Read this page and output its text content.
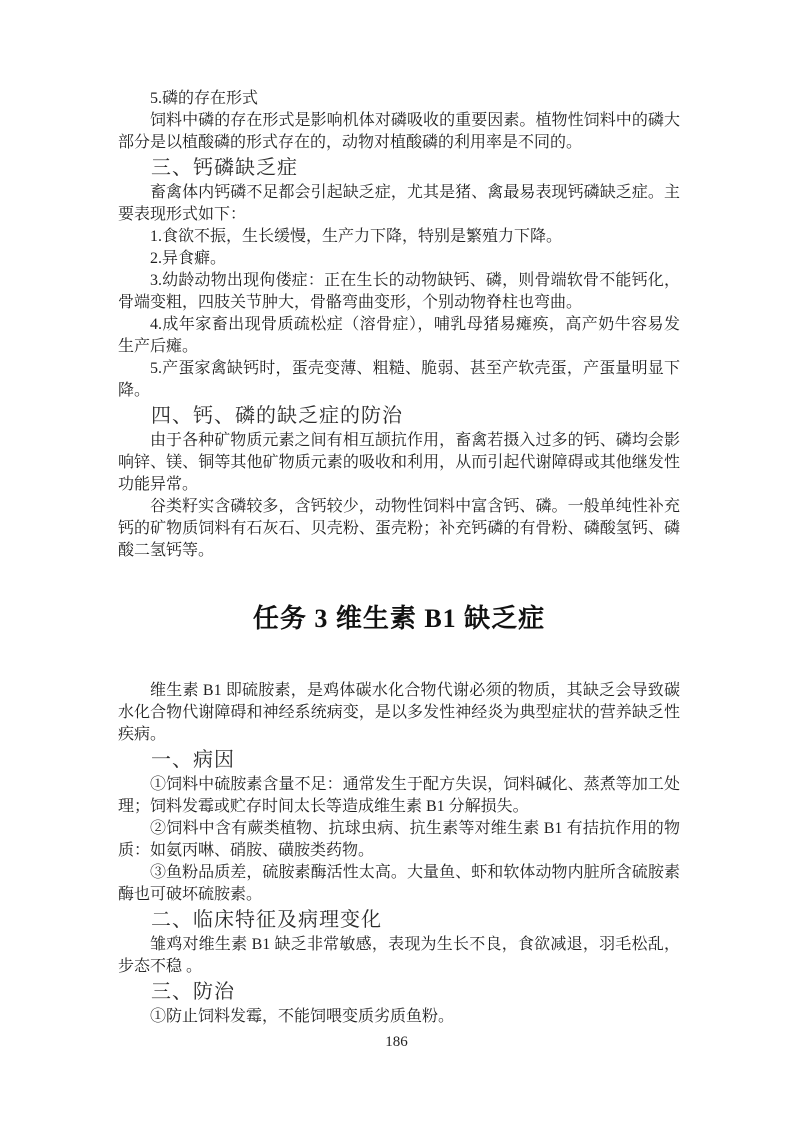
5.磷的存在形式

饲料中磷的存在形式是影响机体对磷吸收的重要因素。植物性饲料中的磷大部分是以植酸磷的形式存在的，动物对植酸磷的利用率是不同的。

三、钙磷缺乏症

畜禽体内钙磷不足都会引起缺乏症，尤其是猪、禽最易表现钙磷缺乏症。主要表现形式如下：

1.食欲不振，生长缓慢，生产力下降，特别是繁殖力下降。

2.异食癖。

3.幼龄动物出现佝偻症：正在生长的动物缺钙、磷，则骨端软骨不能钙化，骨端变粗，四肢关节肿大，骨骼弯曲变形，个别动物脊柱也弯曲。

4.成年家畜出现骨质疏松症（溶骨症），哺乳母猪易瘫痪，高产奶牛容易发生产后瘫。

5.产蛋家禽缺钙时，蛋壳变薄、粗糙、脆弱、甚至产软壳蛋，产蛋量明显下降。

四、钙、磷的缺乏症的防治

由于各种矿物质元素之间有相互颉抗作用，畜禽若摄入过多的钙、磷均会影响锌、镁、铜等其他矿物质元素的吸收和利用，从而引起代谢障碍或其他继发性功能异常。

谷类籽实含磷较多，含钙较少，动物性饲料中富含钙、磷。一般单纯性补充钙的矿物质饲料有石灰石、贝壳粉、蛋壳粉；补充钙磷的有骨粉、磷酸氢钙、磷酸二氢钙等。

任务 3 维生素 B1 缺乏症

维生素 B1 即硫胺素，是鸡体碳水化合物代谢必须的物质，其缺乏会导致碳水化合物代谢障碍和神经系统病变，是以多发性神经炎为典型症状的营养缺乏性疾病。

一、病因

①饲料中硫胺素含量不足：通常发生于配方失误，饲料碱化、蒸煮等加工处理；饲料发霉或贮存时间太长等造成维生素 B1 分解损失。

②饲料中含有蕨类植物、抗球虫病、抗生素等对维生素 B1 有拮抗作用的物质：如氨丙啉、硝胺、磺胺类药物。

③鱼粉品质差，硫胺素酶活性太高。大量鱼、虾和软体动物内脏所含硫胺素酶也可破坏硫胺素。

二、临床特征及病理变化

雏鸡对维生素 B1 缺乏非常敏感，表现为生长不良，食欲减退，羽毛松乱，步态不稳 。

三、防治

①防止饲料发霉，不能饲喂变质劣质鱼粉。

186
